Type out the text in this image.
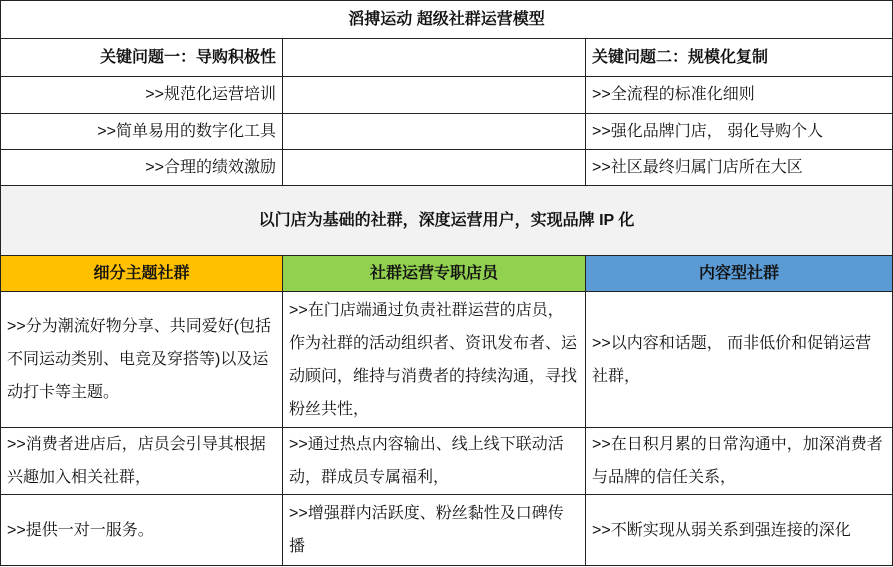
滔搏运动 超级社群运营模型		
关键问题一：导购积极性		关键问题二：规模化复制
>>规范化运营培训		>>全流程的标准化细则
>>简单易用的数字化工具		>>强化品牌门店， 弱化导购个人
>>合理的绩效激励		>>社区最终归属门店所在大区
以门店为基础的社群，深度运营用户，实现品牌 IP 化		
细分主题社群	社群运营专职店员	内容型社群
>>分为潮流好物分享、共同爱好(包括不同运动类别、电竞及穿搭等)以及运动打卡等主题。	>>在门店端通过负责社群运营的店员，作为社群的活动组织者、资讯发布者、运动顾问，维持与消费者的持续沟通，寻找粉丝共性，	>>以内容和话题， 而非低价和促销运营社群，
>>消费者进店后，店员会引导其根据兴趣加入相关社群，	>>通过热点内容输出、线上线下联动活动，群成员专属福利，	>>在日积月累的日常沟通中，加深消费者与品牌的信任关系，
>>提供一对一服务。	>>增强群内活跃度、粉丝黏性及口碑传播	>>不断实现从弱关系到强连接的深化
